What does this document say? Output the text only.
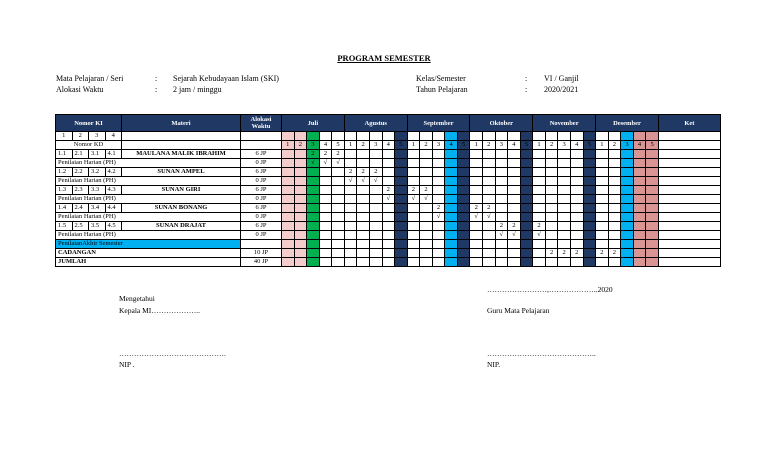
PROGRAM SEMESTER
Mata Pelajaran / Seri	: Sejarah Kebudayaan Islam (SKI)
Alokasi Waktu	: 2 jam / minggu
Kelas/Semester	: VI / Ganjil
Tahun Pelajaran	: 2020/2021
Nomor KI				Materi	Alokasi Waktu	Juli					Agustus					September					Oktober					November					Desember					Ket
1	2	3	4																																	
Nomor KD						1	2	3	4	5	1	2	3	4	5	1	2	3	4	5	1	2	3	4	5	1	2	3	4	5	1	2	3	4	5	
1.1	2.1	3.1	4.1	MAULANA MALIK IBRAHIM	6 JP			2	2	2																										
Penilaian Harian (PH)					0 JP			√	√	√																										
1.2	2.2	3.2	4.2	SUNAN AMPEL	6 JP						2	2	2																							
Penilaian Harian (PH)					0 JP						√	√	√																							
1.3	2.3	3.3	4.3	SUNAN GIRI	6 JP									2		2	2																			
Penilaian Harian (PH)					0 JP									√		√	√																			
1.4	2.4	3.4	4.4	SUNAN BONANG	6 JP													2			2	2														
Penilaian Harian (PH)					0 JP													√			√	√														
1.5	2.5	3.5	4.5	SUNAN DRAJAT	6 JP																		2	2		2										
Penilaian Harian (PH)					0 JP																		√	√		√										
PenilaianAkhir Semester																																				
CADANGAN					10 JP																						2	2	2		2	2				
JUMLAH					40 JP																															
Mengetahui
Kepala MI………………..
…………………………………….
NIP .
……………………,………………..2020
Guru Mata Pelajaran
……………………………………..
NIP.
